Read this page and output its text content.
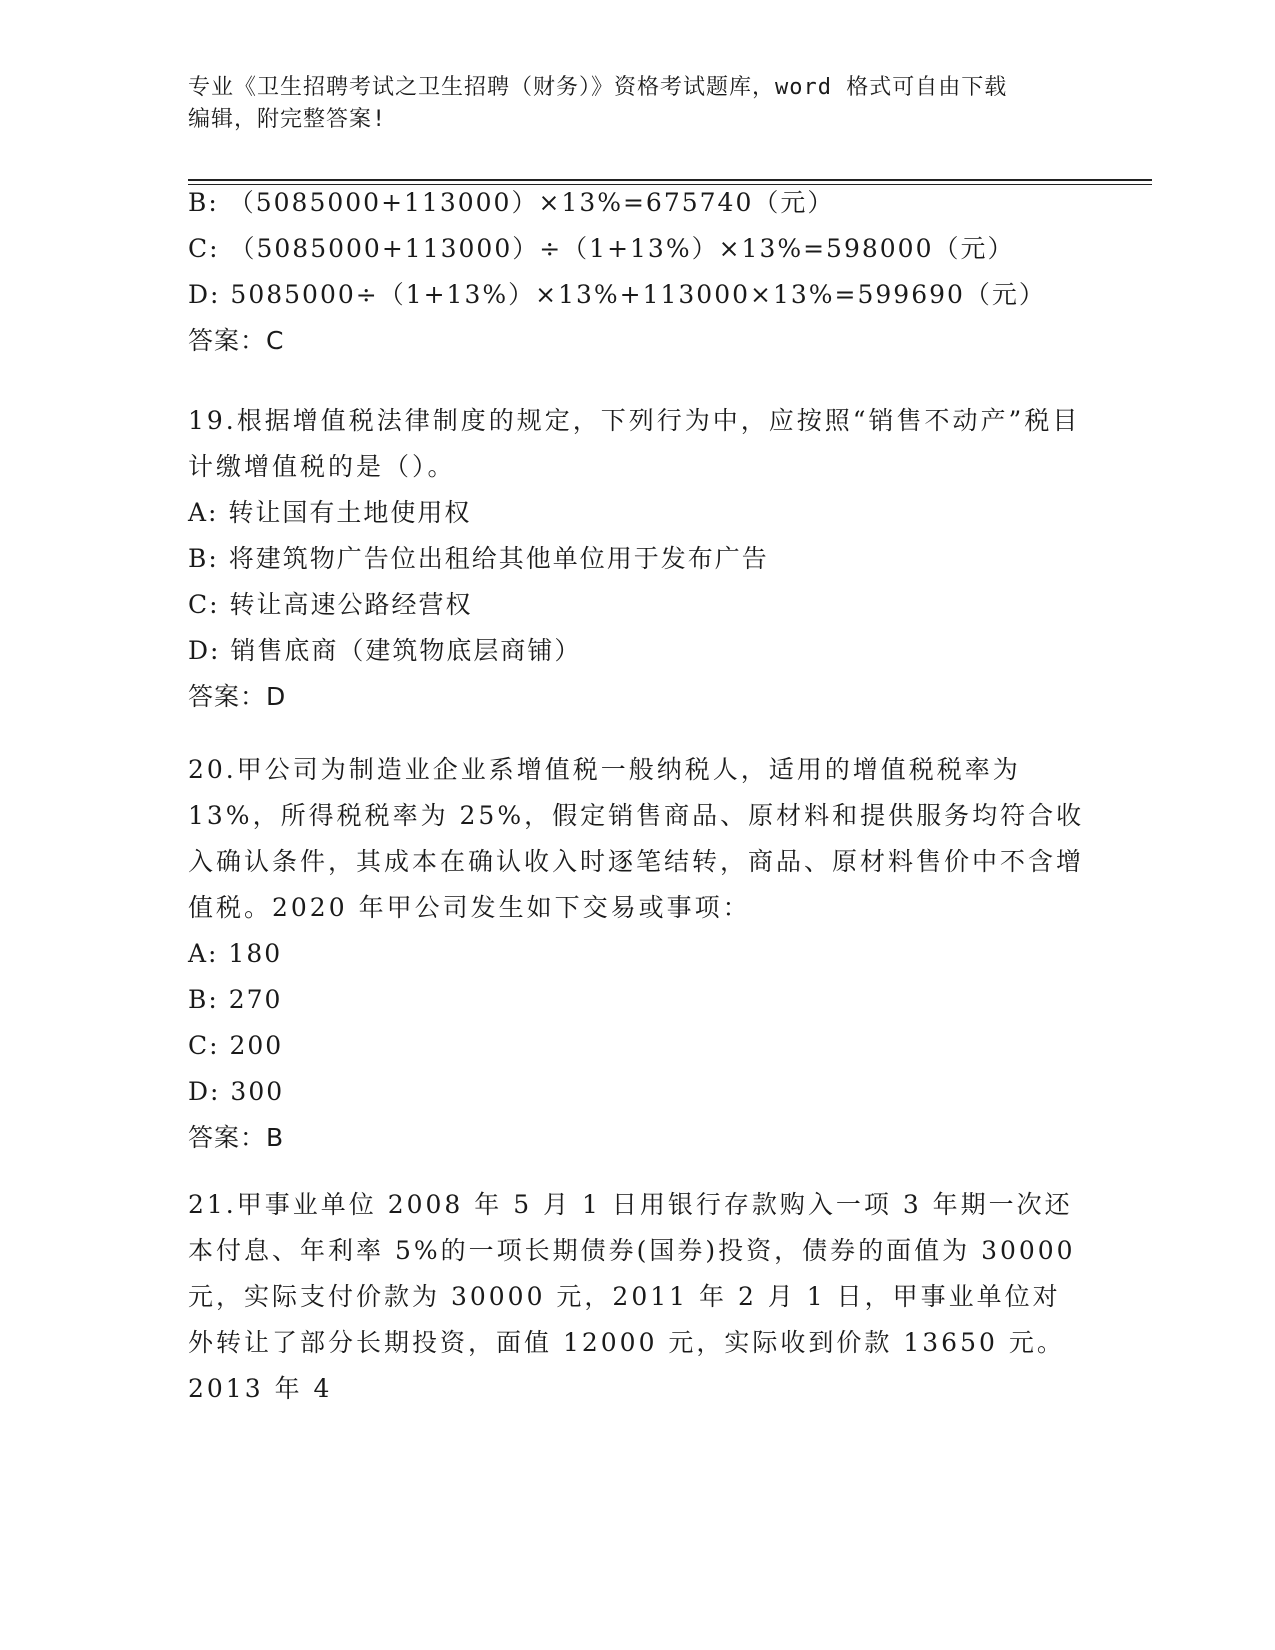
专业《卫生招聘考试之卫生招聘（财务）》资格考试题库，word 格式可自由下载
编辑，附完整答案!
B: （5085000+113000）×13%=675740（元）
C: （5085000+113000）÷（1+13%）×13%=598000（元）
D: 5085000÷（1+13%）×13%+113000×13%=599690（元）
答案：C
19.根据增值税法律制度的规定，下列行为中，应按照“销售不动产”税目计缴增值税的是（）。
A: 转让国有土地使用权
B: 将建筑物广告位出租给其他单位用于发布广告
C: 转让高速公路经营权
D: 销售底商（建筑物底层商铺）
答案：D
20.甲公司为制造业企业系增值税一般纳税人，适用的增值税税率为 13%，所得税税率为 25%，假定销售商品、原材料和提供服务均符合收入确认条件，其成本在确认收入时逐笔结转，商品、原材料售价中不含增值税。2020 年甲公司发生如下交易或事项：
A: 180
B: 270
C: 200
D: 300
答案：B
21.甲事业单位 2008 年 5 月 1 日用银行存款购入一项 3 年期一次还本付息、年利率 5%的一项长期债券(国券)投资，债券的面值为 30000 元，实际支付价款为 30000 元，2011 年 2 月 1 日，甲事业单位对外转让了部分长期投资，面值 12000 元，实际收到价款 13650 元。2013 年 4
